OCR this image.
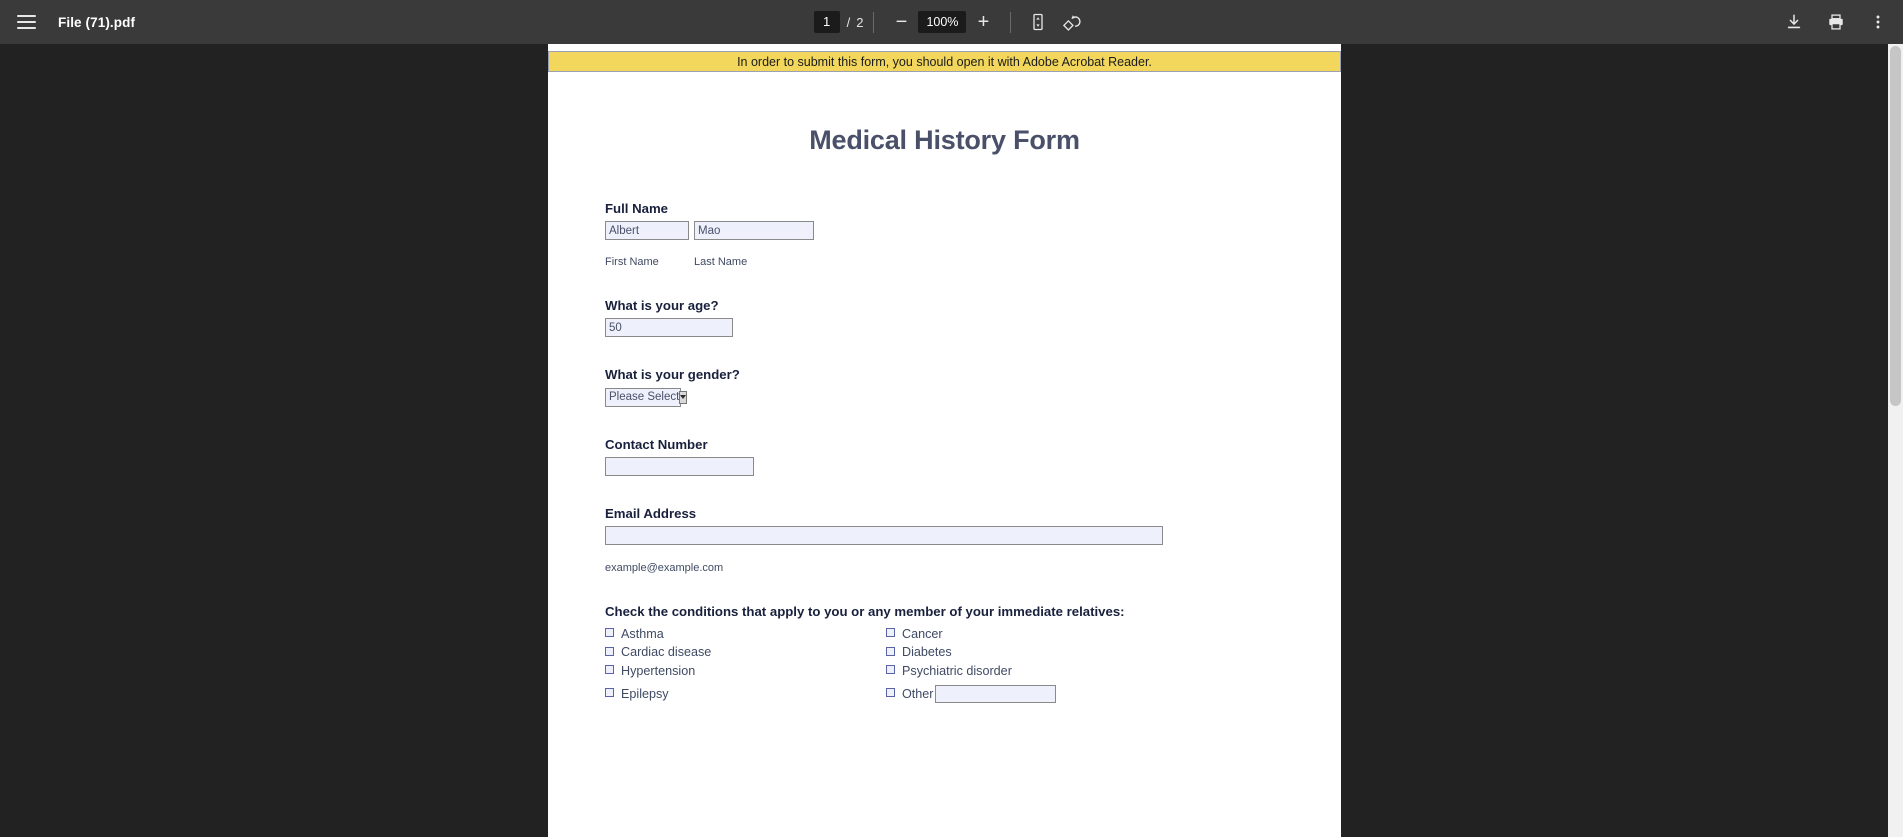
File (71).pdf
1	/ 2 −	100% +
In order to submit this form, you should open it with Adobe Acrobat Reader.
Medical History Form
Full Name
Albert
Mao
First Name	Last Name
What is your age?
50
What is your gender?
Please Select
Contact Number
Email Address
example@example.com
Check the conditions that apply to you or any member of your immediate relatives:
Asthma	Cancer
Cardiac disease	Diabetes
Hypertension	Psychiatric disorder
Epilepsy	Other
